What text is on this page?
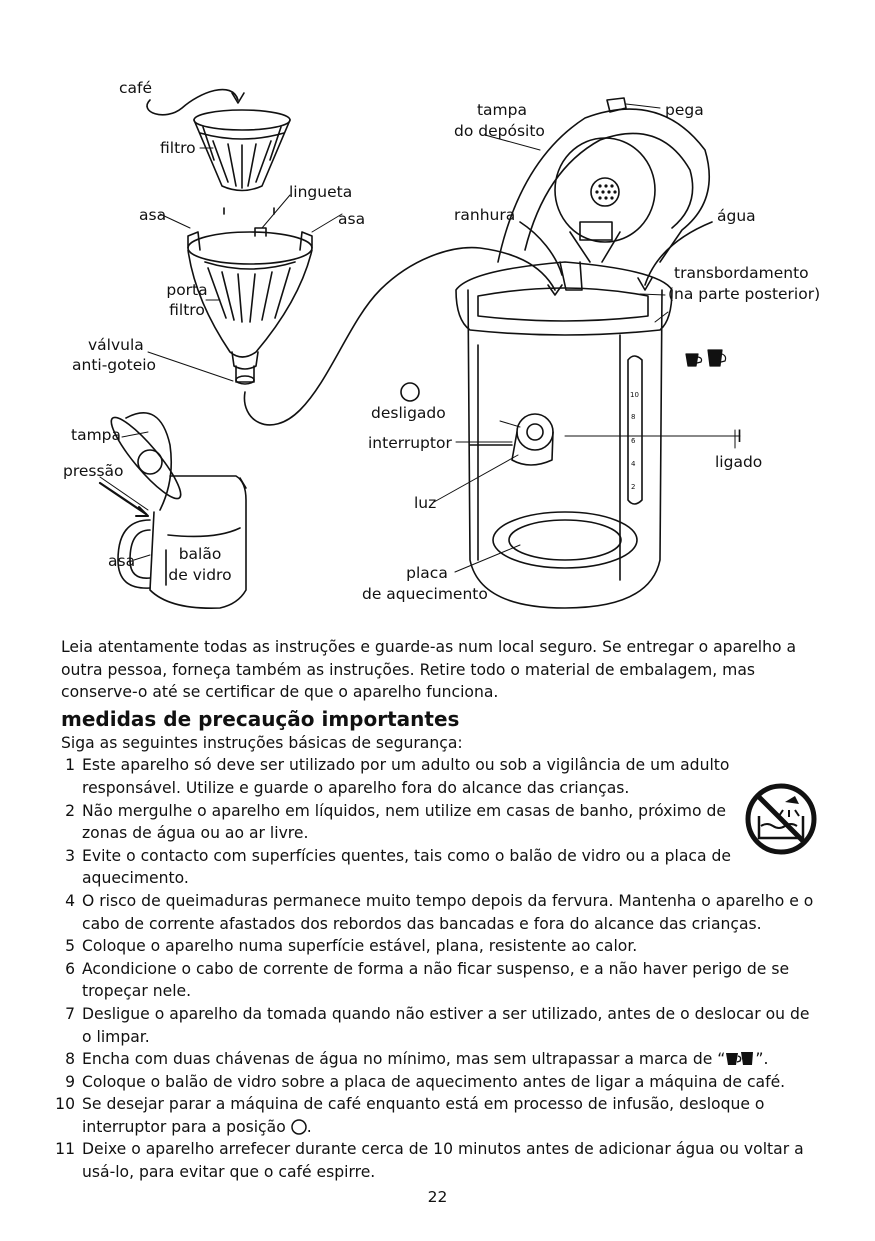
10
8
6
4
2
café
filtro
lingueta
asa	asa
porta
filtro
válvula
anti-goteio
tampa
pressão
asa	balão
de vidro
tampa
do depósito
pega
ranhura	água
transbordamento
(na parte posterior)
desligado
interruptor	I
ligado
luz
placa
de aquecimento

Leia atentamente todas as instruções e guarde-as num local seguro. Se entregar o aparelho a outra pessoa, forneça também as instruções. Retire todo o material de embalagem, mas conserve-o até se certificar de que o aparelho funciona.

medidas de precaução importantes

Siga as seguintes instruções básicas de segurança:

1 Este aparelho só deve ser utilizado por um adulto ou sob a vigilância de um adulto responsável. Utilize e guarde o aparelho fora do alcance das crianças.
2 Não mergulhe o aparelho em líquidos, nem utilize em casas de banho, próximo de zonas de água ou ao ar livre.
3 Evite o contacto com superfícies quentes, tais como o balão de vidro ou a placa de aquecimento.
4 O risco de queimaduras permanece muito tempo depois da fervura. Mantenha o aparelho e o cabo de corrente afastados dos rebordos das bancadas e fora do alcance das crianças.
5 Coloque o aparelho numa superfície estável, plana, resistente ao calor.
6 Acondicione o cabo de corrente de forma a não ficar suspenso, e a não haver perigo de se tropeçar nele.
7 Desligue o aparelho da tomada quando não estiver a ser utilizado, antes de o deslocar ou de o limpar.
8 Encha com duas chávenas de água no mínimo, mas sem ultrapassar a marca de “ ”.
9 Coloque o balão de vidro sobre a placa de aquecimento antes de ligar a máquina de café.
10 Se desejar parar a máquina de café enquanto está em processo de infusão, desloque o interruptor para a posição .
11 Deixe o aparelho arrefecer durante cerca de 10 minutos antes de adicionar água ou voltar a usá-lo, para evitar que o café espirre.
22
